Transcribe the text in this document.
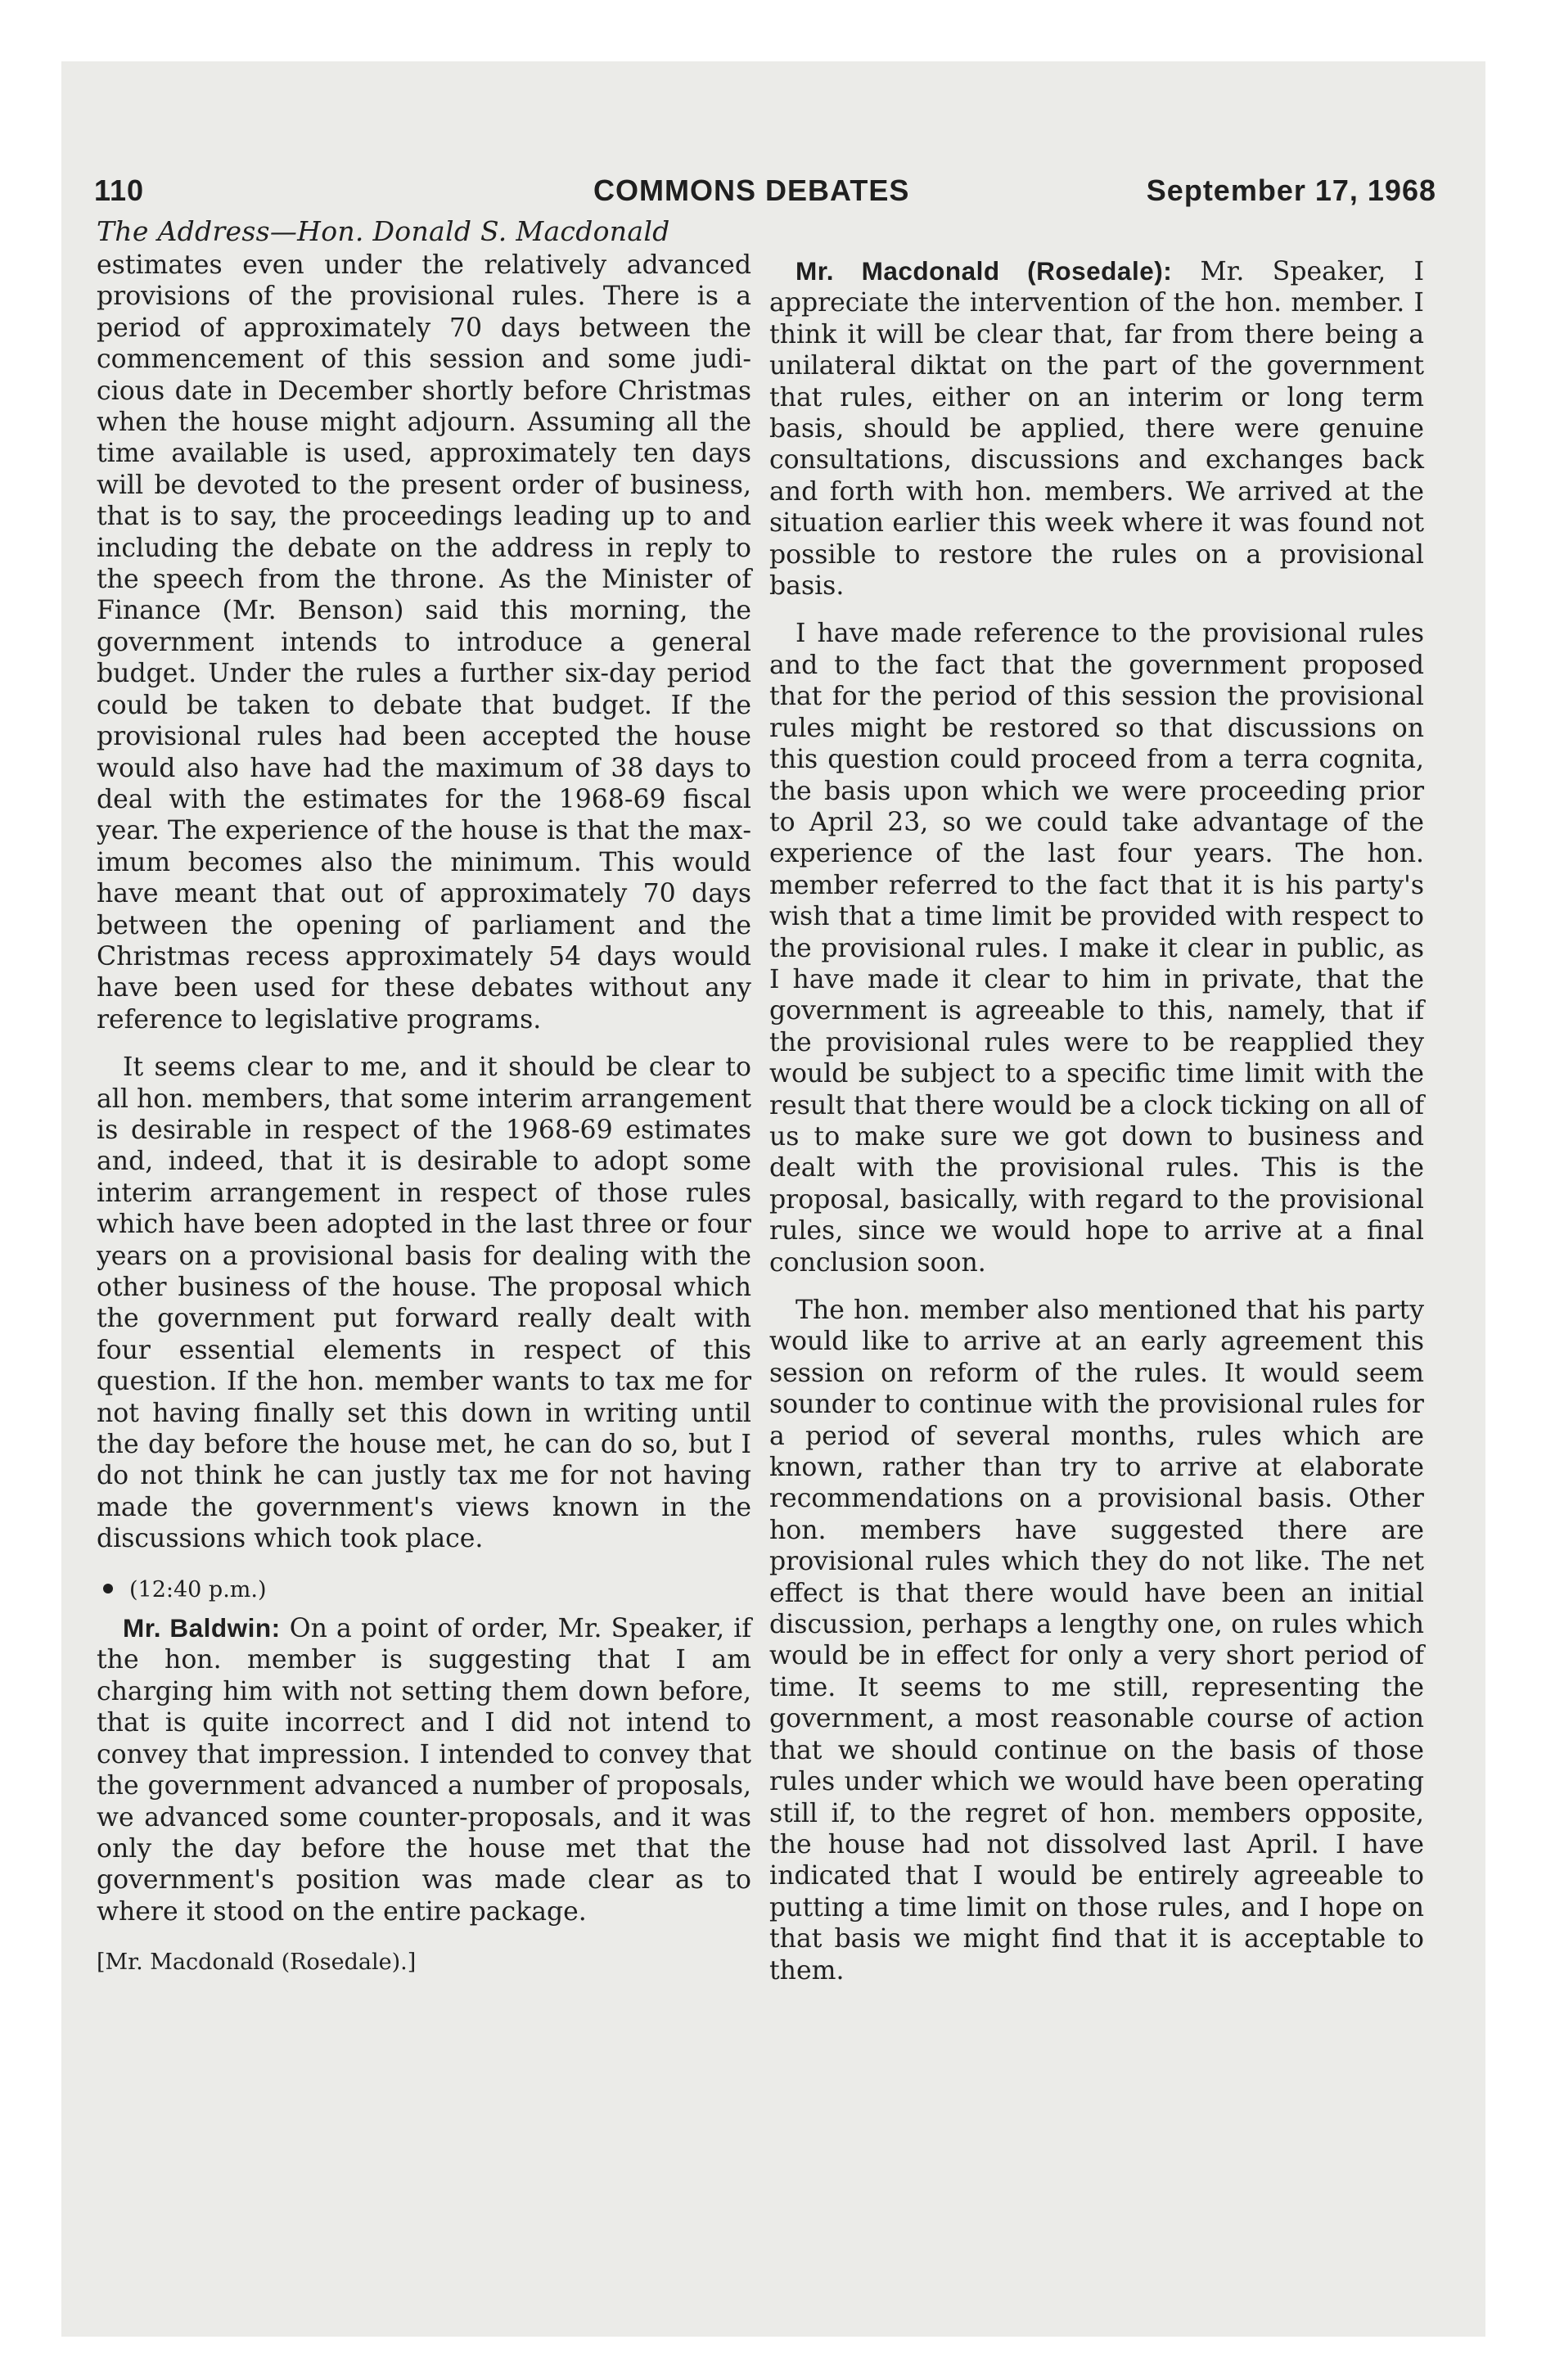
110	COMMONS DEBATES	September 17, 1968
The Address—Hon. Donald S. Macdonald

estimates even under the relatively advanced provisions of the provisional rules. There is a period of approximately 70 days between the commencement of this session and some judicious date in December shortly before Christmas when the house might adjourn. Assuming all the time available is used, approximately ten days will be devoted to the present order of business, that is to say, the proceedings leading up to and including the debate on the address in reply to the speech from the throne. As the Minister of Finance (Mr. Benson) said this morning, the government intends to introduce a general budget. Under the rules a further six-day period could be taken to debate that budget. If the provisional rules had been accepted the house would also have had the maximum of 38 days to deal with the estimates for the 1968-69 fiscal year. The experience of the house is that the maximum becomes also the minimum. This would have meant that out of approximately 70 days between the opening of parliament and the Christmas recess approximately 54 days would have been used for these debates without any reference to legislative programs.

It seems clear to me, and it should be clear to all hon. members, that some interim arrangement is desirable in respect of the 1968-69 estimates and, indeed, that it is desirable to adopt some interim arrangement in respect of those rules which have been adopted in the last three or four years on a provisional basis for dealing with the other business of the house. The proposal which the government put forward really dealt with four essential elements in respect of this question. If the hon. member wants to tax me for not having finally set this down in writing until the day before the house met, he can do so, but I do not think he can justly tax me for not having made the government's views known in the discussions which took place.

(12:40 p.m.)

Mr. Baldwin: On a point of order, Mr. Speaker, if the hon. member is suggesting that I am charging him with not setting them down before, that is quite incorrect and I did not intend to convey that impression. I intended to convey that the government advanced a number of proposals, we advanced some counter-proposals, and it was only the day before the house met that the government's position was made clear as to where it stood on the entire package.

[Mr. Macdonald (Rosedale).]

Mr. Macdonald (Rosedale): Mr. Speaker, I appreciate the intervention of the hon. member. I think it will be clear that, far from there being a unilateral diktat on the part of the government that rules, either on an interim or long term basis, should be applied, there were genuine consultations, discussions and exchanges back and forth with hon. members. We arrived at the situation earlier this week where it was found not possible to restore the rules on a provisional basis.

I have made reference to the provisional rules and to the fact that the government proposed that for the period of this session the provisional rules might be restored so that discussions on this question could proceed from a terra cognita, the basis upon which we were proceeding prior to April 23, so we could take advantage of the experience of the last four years. The hon. member referred to the fact that it is his party's wish that a time limit be provided with respect to the provisional rules. I make it clear in public, as I have made it clear to him in private, that the government is agreeable to this, namely, that if the provisional rules were to be reapplied they would be subject to a specific time limit with the result that there would be a clock ticking on all of us to make sure we got down to business and dealt with the provisional rules. This is the proposal, basically, with regard to the provisional rules, since we would hope to arrive at a final conclusion soon.

The hon. member also mentioned that his party would like to arrive at an early agreement this session on reform of the rules. It would seem sounder to continue with the provisional rules for a period of several months, rules which are known, rather than try to arrive at elaborate recommendations on a provisional basis. Other hon. members have suggested there are provisional rules which they do not like. The net effect is that there would have been an initial discussion, perhaps a lengthy one, on rules which would be in effect for only a very short period of time. It seems to me still, representing the government, a most reasonable course of action that we should continue on the basis of those rules under which we would have been operating still if, to the regret of hon. members opposite, the house had not dissolved last April. I have indicated that I would be entirely agreeable to putting a time limit on those rules, and I hope on that basis we might find that it is acceptable to them.
